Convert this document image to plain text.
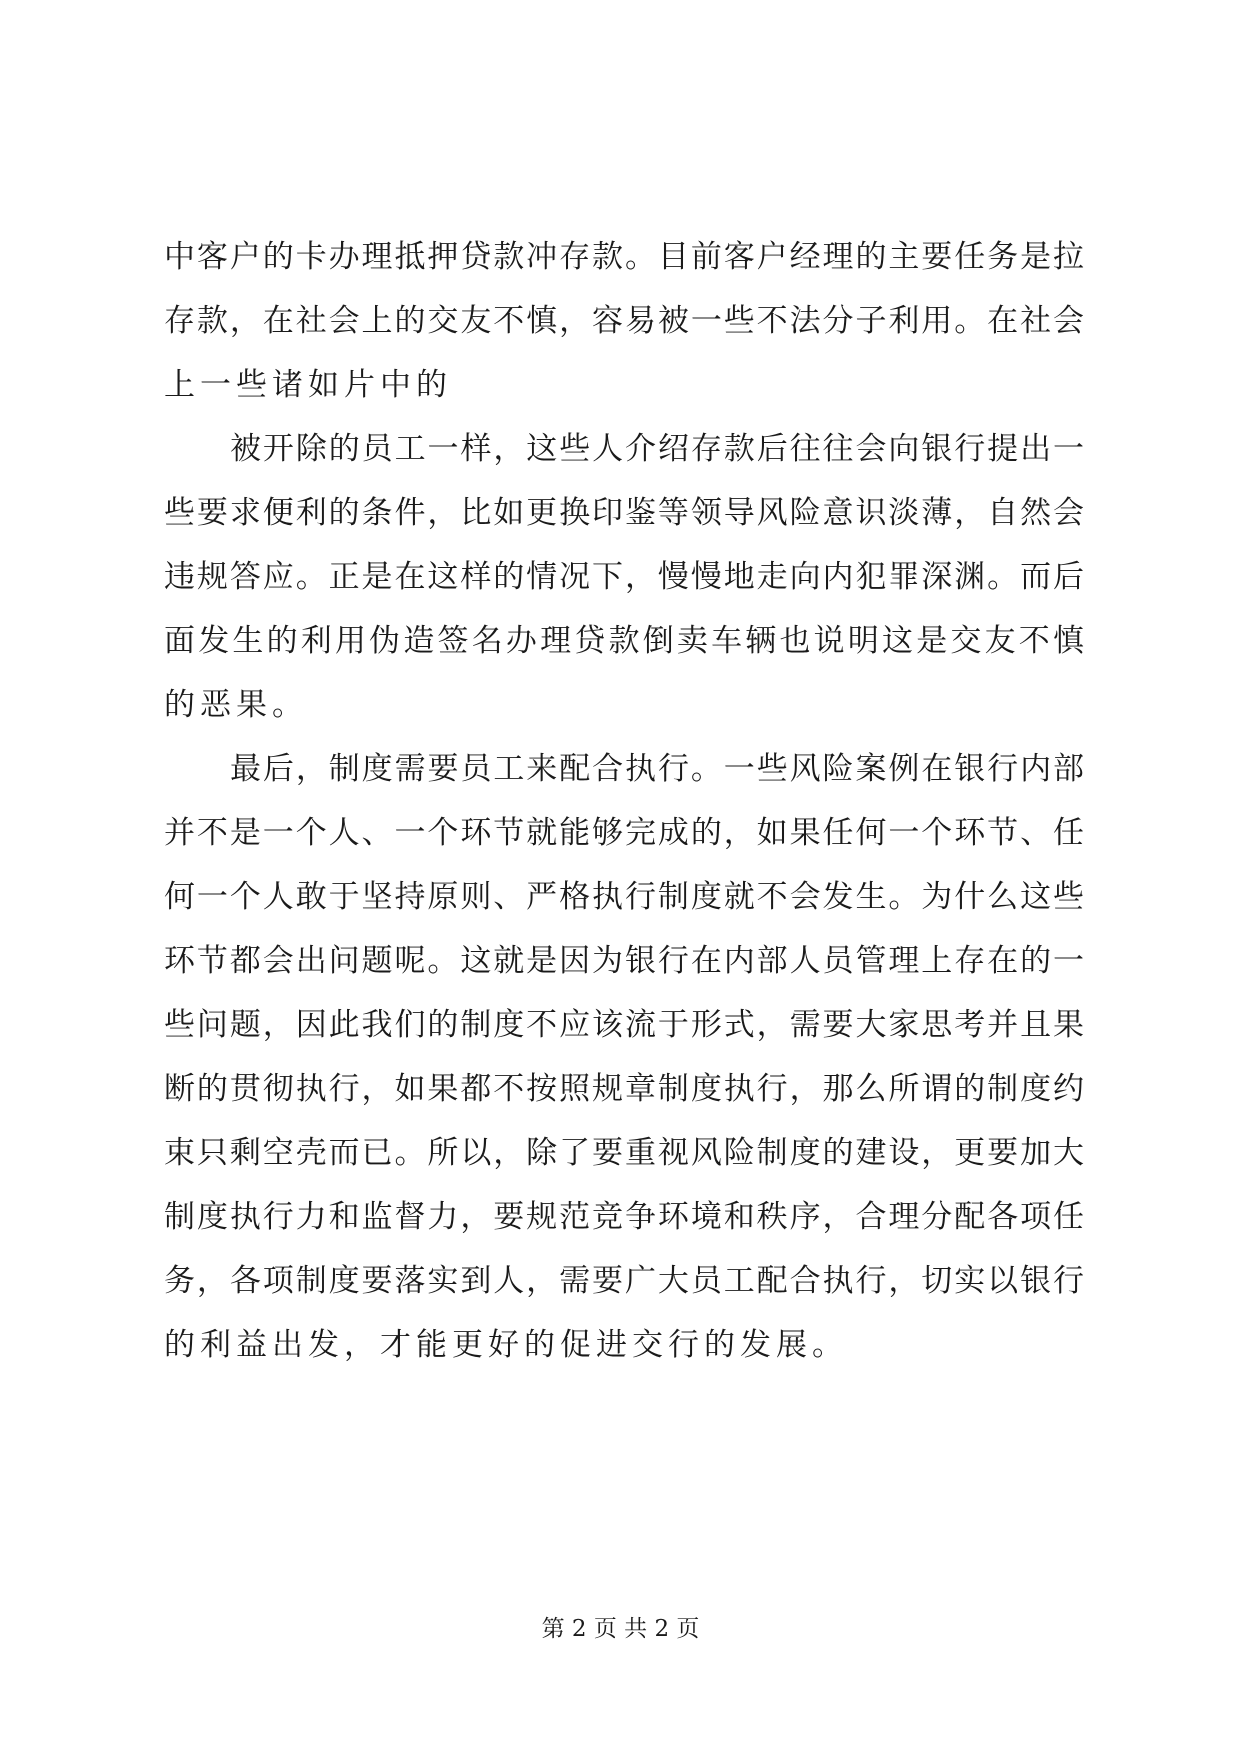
中客户的卡办理抵押贷款冲存款。目前客户经理的主要任务是拉
存款，在社会上的交友不慎，容易被一些不法分子利用。在社会
上一些诸如片中的
被开除的员工一样，这些人介绍存款后往往会向银行提出一
些要求便利的条件，比如更换印鉴等领导风险意识淡薄，自然会
违规答应。正是在这样的情况下，慢慢地走向内犯罪深渊。而后
面发生的利用伪造签名办理贷款倒卖车辆也说明这是交友不慎
的恶果。
最后，制度需要员工来配合执行。一些风险案例在银行内部
并不是一个人、一个环节就能够完成的，如果任何一个环节、任
何一个人敢于坚持原则、严格执行制度就不会发生。为什么这些
环节都会出问题呢。这就是因为银行在内部人员管理上存在的一
些问题，因此我们的制度不应该流于形式，需要大家思考并且果
断的贯彻执行，如果都不按照规章制度执行，那么所谓的制度约
束只剩空壳而已。所以，除了要重视风险制度的建设，更要加大
制度执行力和监督力，要规范竞争环境和秩序，合理分配各项任
务，各项制度要落实到人，需要广大员工配合执行，切实以银行
的利益出发，才能更好的促进交行的发展。
第 2 页 共 2 页
